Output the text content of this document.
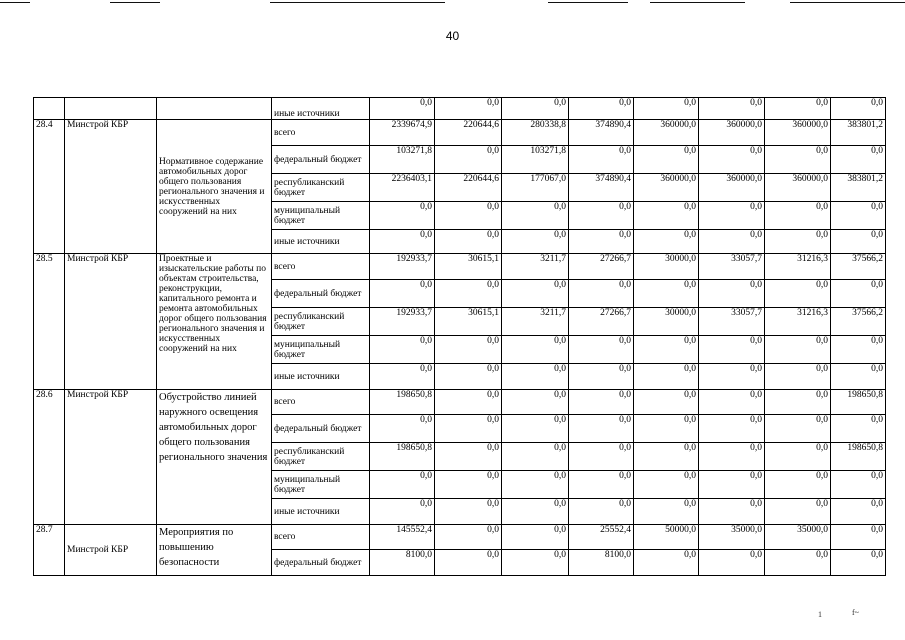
40
			иные источники	0,0	0,0	0,0	0,0	0,0	0,0	0,0	0,0
28.4	Минстрой КБР	Нормативное содержание автомобильных дорог общего пользования регионального значения и искусственных сооружений на них	всего	2339674,9	220644,6	280338,8	374890,4	360000,0	360000,0	360000,0	383801,2
			федеральный бюджет	103271,8	0,0	103271,8	0,0	0,0	0,0	0,0	0,0
			республиканский бюджет	2236403,1	220644,6	177067,0	374890,4	360000,0	360000,0	360000,0	383801,2
			муниципальный бюджет	0,0	0,0	0,0	0,0	0,0	0,0	0,0	0,0
			иные источники	0,0	0,0	0,0	0,0	0,0	0,0	0,0	0,0
28.5	Минстрой КБР	Проектные и изыскательские работы по объектам строительства, реконструкции, капитального ремонта и ремонта автомобильных дорог общего пользования регионального значения и искусственных сооружений на них	всего	192933,7	30615,1	3211,7	27266,7	30000,0	33057,7	31216,3	37566,2
			федеральный бюджет	0,0	0,0	0,0	0,0	0,0	0,0	0,0	0,0
			республиканский бюджет	192933,7	30615,1	3211,7	27266,7	30000,0	33057,7	31216,3	37566,2
			муниципальный бюджет	0,0	0,0	0,0	0,0	0,0	0,0	0,0	0,0
			иные источники	0,0	0,0	0,0	0,0	0,0	0,0	0,0	0,0
28.6	Минстрой КБР	Обустройство линией наружного освещения автомобильных дорог общего пользования регионального значения	всего	198650,8	0,0	0,0	0,0	0,0	0,0	0,0	198650,8
			федеральный бюджет	0,0	0,0	0,0	0,0	0,0	0,0	0,0	0,0
			республиканский бюджет	198650,8	0,0	0,0	0,0	0,0	0,0	0,0	198650,8
			муниципальный бюджет	0,0	0,0	0,0	0,0	0,0	0,0	0,0	0,0
			иные источники	0,0	0,0	0,0	0,0	0,0	0,0	0,0	0,0
28.7	Минстрой КБР	Мероприятия по повышению безопасности	всего	145552,4	0,0	0,0	25552,4	50000,0	35000,0	35000,0	0,0
			федеральный бюджет	8100,0	0,0	0,0	8100,0	0,0	0,0	0,0	0,0
1	f~
